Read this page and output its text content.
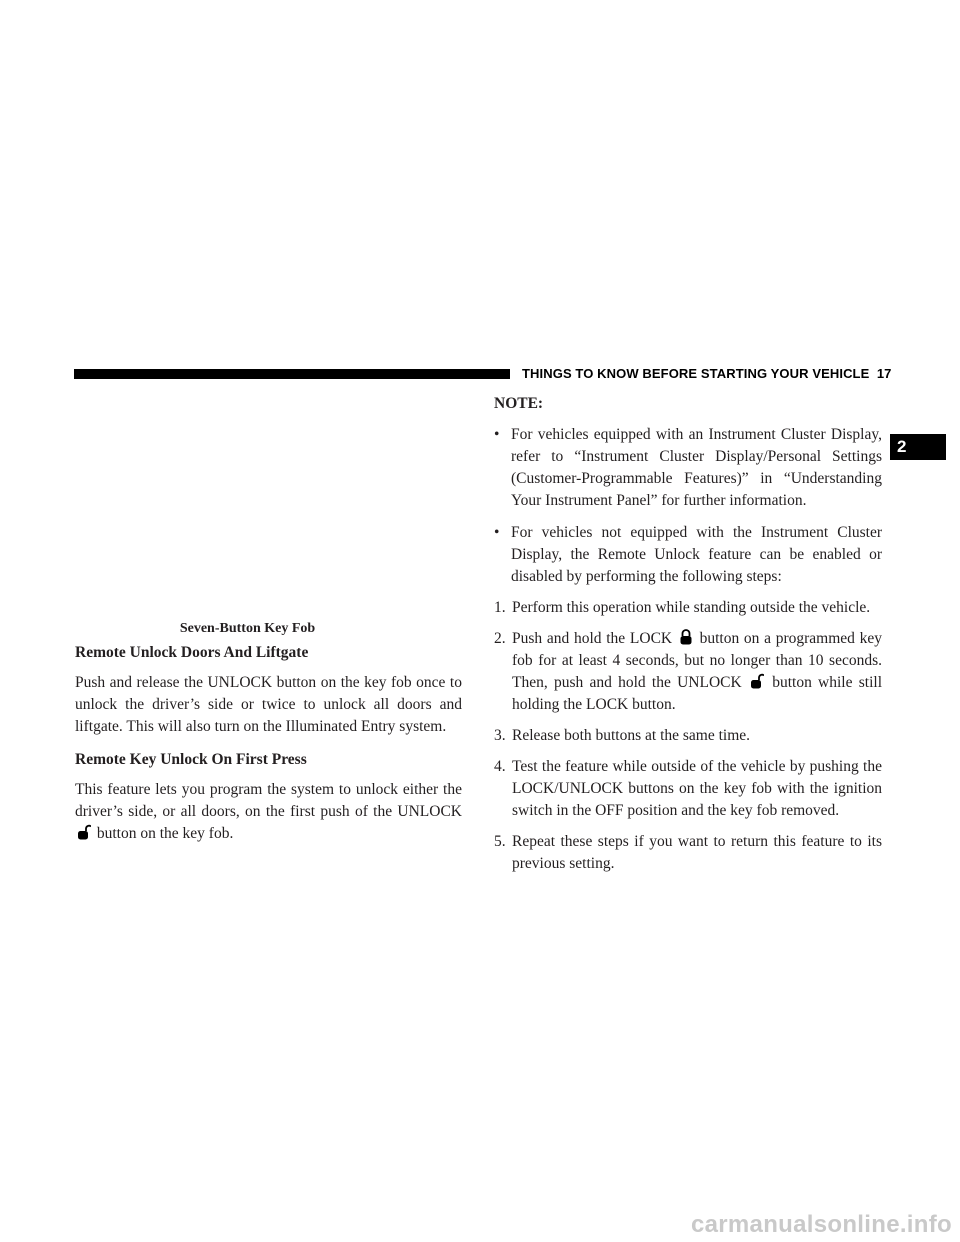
THINGS TO KNOW BEFORE STARTING YOUR VEHICLE 17
2
Seven-Button Key Fob
Remote Unlock Doors And Liftgate

Push and release the UNLOCK button on the key fob once to unlock the driver’s side or twice to unlock all doors and liftgate. This will also turn on the Illuminated Entry system.

Remote Key Unlock On First Press

This feature lets you program the system to unlock either the driver’s side, or all doors, on the first push of the UNLOCK  button on the key fob.

NOTE:
• For vehicles equipped with an Instrument Cluster Display, refer to “Instrument Cluster Display/Personal Settings (Customer-Programmable Features)” in “Understanding Your Instrument Panel” for further information.
• For vehicles not equipped with the Instrument Cluster Display, the Remote Unlock feature can be enabled or disabled by performing the following steps:
1. Perform this operation while standing outside the vehicle.
2. Push and hold the LOCK button on a programmed key fob for at least 4 seconds, but no longer than 10 seconds. Then, push and hold the UNLOCK button while still holding the LOCK button.
3. Release both buttons at the same time.
4. Test the feature while outside of the vehicle by pushing the LOCK/UNLOCK buttons on the key fob with the ignition switch in the OFF position and the key fob removed.
5. Repeat these steps if you want to return this feature to its previous setting.
carmanualsonline.info
